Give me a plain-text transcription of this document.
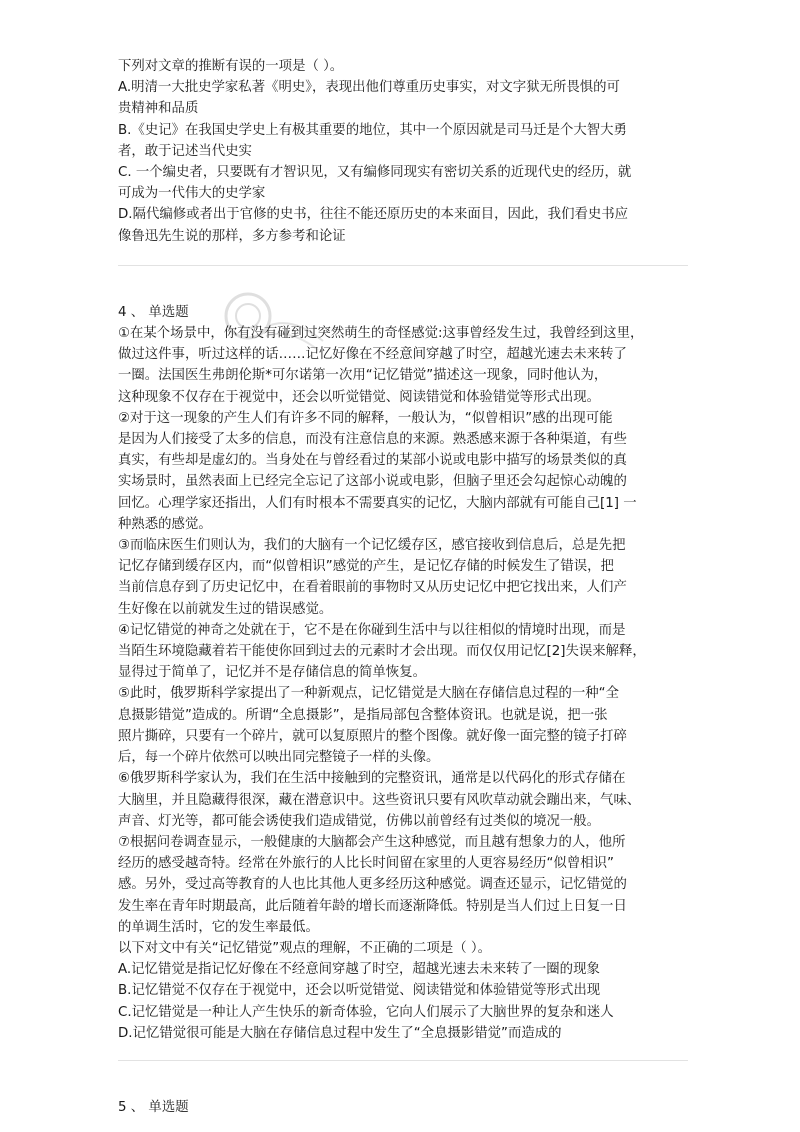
下列对文章的推断有误的一项是（ ）。

A.明清一大批史学家私著《明史》，表现出他们尊重历史事实，对文字狱无所畏惧的可

贵精神和品质

B.《史记》在我国史学史上有极其重要的地位，其中一个原因就是司马迁是个大智大勇

者，敢于记述当代史实

C. 一个编史者，只要既有才智识见，又有编修同现实有密切关系的近现代史的经历，就

可成为一代伟大的史学家

D.隔代编修或者出于官修的史书，往往不能还原历史的本来面目，因此，我们看史书应

像鲁迅先生说的那样，多方参考和论证

4 、 单选题

①在某个场景中，你有没有碰到过突然萌生的奇怪感觉:这事曾经发生过，我曾经到这里，

做过这件事，听过这样的话……记忆好像在不经意间穿越了时空，超越光速去未来转了

一圈。法国医生弗朗伦斯*可尔诺第一次用“记忆错觉”描述这一现象，同时他认为，

这种现象不仅存在于视觉中，还会以听觉错觉、阅读错觉和体验错觉等形式出现。

②对于这一现象的产生人们有许多不同的解释，一般认为，“似曾相识”感的出现可能

是因为人们接受了太多的信息，而没有注意信息的来源。熟悉感来源于各种渠道，有些

真实，有些却是虚幻的。当身处在与曾经看过的某部小说或电影中描写的场景类似的真

实场景时，虽然表面上已经完全忘记了这部小说或电影，但脑子里还会勾起惊心动魄的

回忆。心理学家还指出，人们有时根本不需要真实的记忆，大脑内部就有可能自己[1] 一

种熟悉的感觉。

③而临床医生们则认为，我们的大脑有一个记忆缓存区，感官接收到信息后，总是先把

记忆存储到缓存区内，而“似曾相识”感觉的产生，是记忆存储的时候发生了错误，把

当前信息存到了历史记忆中，在看着眼前的事物时又从历史记忆中把它找出来，人们产

生好像在以前就发生过的错误感觉。

④记忆错觉的神奇之处就在于，它不是在你碰到生活中与以往相似的情境时出现，而是

当陌生环境隐藏着若干能使你回到过去的元素时才会出现。而仅仅用记忆[2]失误来解释，

显得过于简单了，记忆并不是存储信息的简单恢复。

⑤此时，俄罗斯科学家提出了一种新观点，记忆错觉是大脑在存储信息过程的一种“全

息摄影错觉”造成的。所谓“全息摄影”，是指局部包含整体资讯。也就是说，把一张

照片撕碎，只要有一个碎片，就可以复原照片的整个图像。就好像一面完整的镜子打碎

后，每一个碎片依然可以映出同完整镜子一样的头像。

⑥俄罗斯科学家认为，我们在生活中接触到的完整资讯，通常是以代码化的形式存储在

大脑里，并且隐藏得很深，藏在潜意识中。这些资讯只要有风吹草动就会蹦出来，气味、

声音、灯光等，都可能会诱使我们造成错觉，仿佛以前曾经有过类似的境况一般。

⑦根据问卷调查显示，一般健康的大脑都会产生这种感觉，而且越有想象力的人，他所

经历的感受越奇特。经常在外旅行的人比长时间留在家里的人更容易经历“似曾相识”

感。另外，受过高等教育的人也比其他人更多经历这种感觉。调查还显示，记忆错觉的

发生率在青年时期最高，此后随着年龄的增长而逐渐降低。特别是当人们过上日复一日

的单调生活时，它的发生率最低。

以下对文中有关“记忆错觉”观点的理解，不正确的二项是（ ）。

A.记忆错觉是指记忆好像在不经意间穿越了时空，超越光速去未来转了一圈的现象

B.记忆错觉不仅存在于视觉中，还会以听觉错觉、阅读错觉和体验错觉等形式出现

C.记忆错觉是一种让人产生快乐的新奇体验，它向人们展示了大脑世界的复杂和迷人

D.记忆错觉很可能是大脑在存储信息过程中发生了“全息摄影错觉”而造成的

5 、 单选题
